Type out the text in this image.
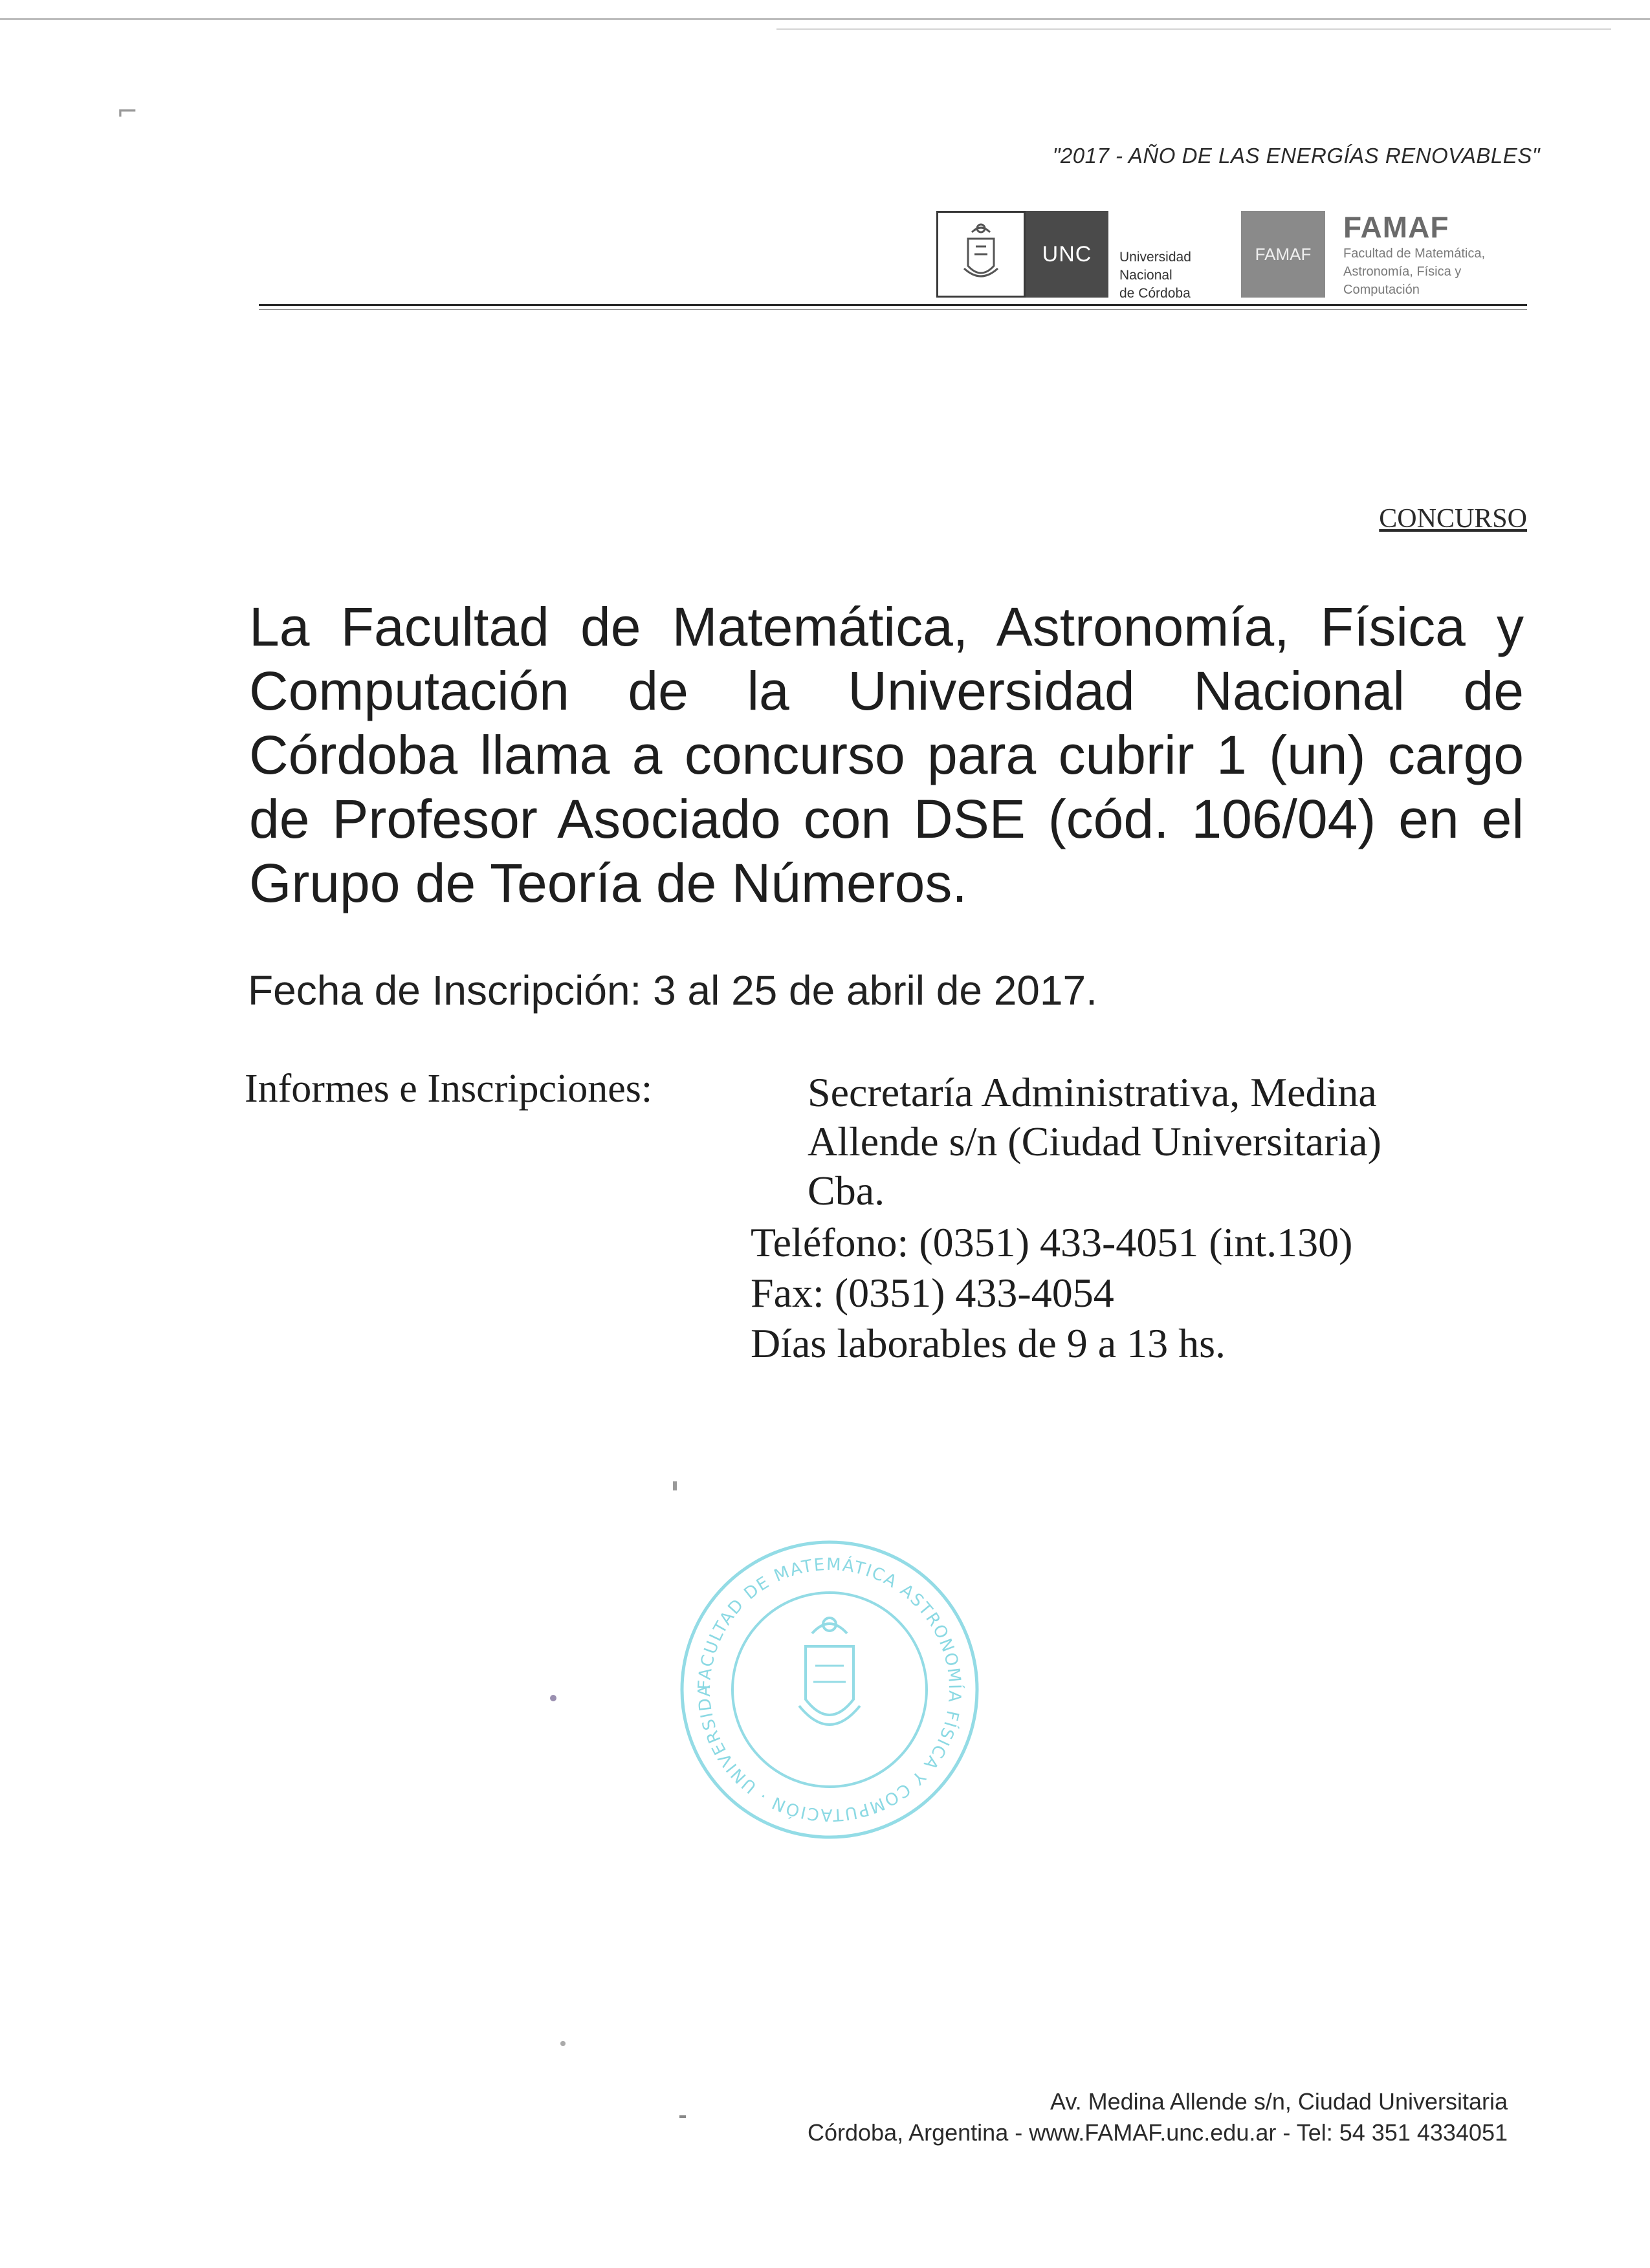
⌐
"2017 - AÑO DE LAS ENERGÍAS RENOVABLES"
UNC	Universidad
Nacional
de Córdoba
FAMAF
FAMAF
Facultad de Matemática,
Astronomía, Física y
Computación
CONCURSO
La Facultad de Matemática, Astronomía, Física y Computación de la Universidad Nacional de Córdoba llama a concurso para cubrir 1 (un) cargo de Profesor Asociado con DSE (cód. 106/04) en el Grupo de Teoría de Números.
Fecha de Inscripción: 3 al 25 de abril de 2017.
Informes e Inscripciones:	Secretaría Administrativa, Medina
Allende s/n (Ciudad Universitaria)
Cba.
Teléfono: (0351) 433-4051 (int.130)
Fax: (0351) 433-4054
Días laborables de 9 a 13 hs.
FACULTAD DE MATEMÁTICA ASTRONOMÍA FÍSICA Y COMPUTACIÓN · UNIVERSIDA
Av. Medina Allende s/n, Ciudad Universitaria
Córdoba, Argentina - www.FAMAF.unc.edu.ar - Tel: 54 351 4334051
